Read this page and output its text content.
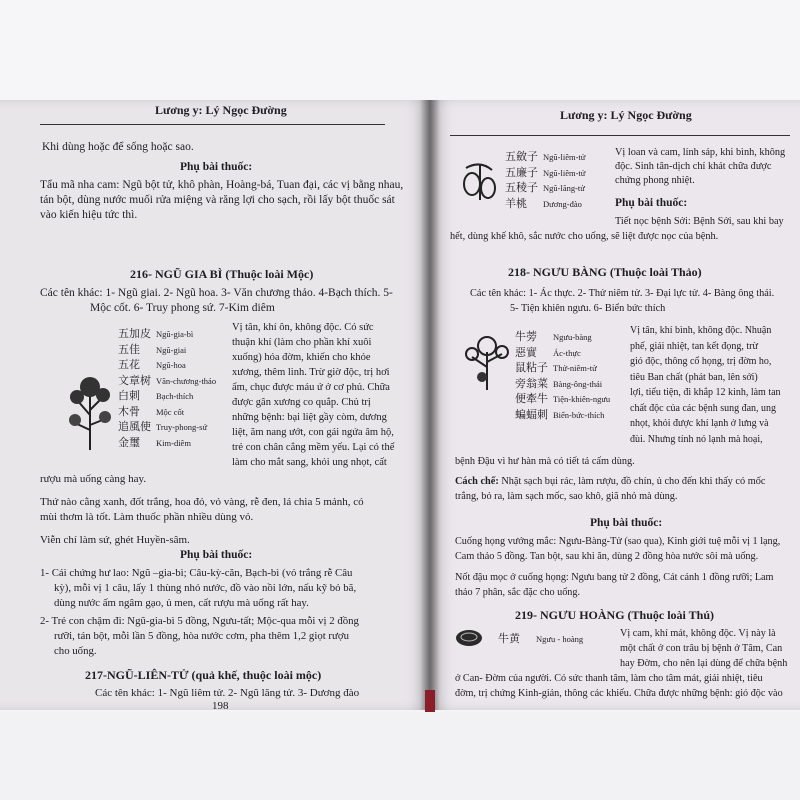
Lương y: Lý Ngọc Đường
Khi dùng hoặc để sống hoặc sao.
Phụ bài thuốc:
Tẩu mã nha cam: Ngũ bột tử, khô phàn, Hoàng-bá, Tuan đại, các vị bằng nhau,
tán bột, dùng nước muối rửa miệng và răng lợi cho sạch, rồi lấy bột thuốc sát
vào kiến hiệu tức thì.
216- NGŨ GIA BÌ (Thuộc loài Mộc)
Các tên khác: 1- Ngũ giai. 2- Ngũ hoa. 3- Văn chương thảo. 4-Bạch thích. 5-
Mộc cốt. 6- Truy phong sứ. 7-Kim diêm
五加皮 Ngũ-gia-bì
五佳 Ngũ-giai
五花 Ngũ-hoa
文章树 Văn-chương-thảo
白刺 Bạch-thích
木骨 Mộc cốt
追風使 Truy-phong-sứ
金璽 Kim-diêm
Vị tân, khí ôn, không độc. Có sức
thuận khí (làm cho phần khí xuôi
xuống) hóa đờm, khiến cho khỏe
xương, thêm linh. Trừ giờ độc, trị hơi
ẩm, chục được máu ứ ở cơ phủ. Chữa
được gân xương co quắp. Chủ trị
những bệnh: bại liệt gầy còm, dương
liệt, ăm nang ướt, con gái ngứa âm hộ,
trẻ con chân cẳng mềm yếu. Lại có thể
làm cho mắt sang, khỏi ung nhọt, cất
rượu mà uống càng hay.
Thứ nào cằng xanh, đốt trắng, hoa đỏ, vỏ vàng, rễ đen, lá chia 5 mảnh, có
mùi thơm là tốt. Làm thuốc phần nhiều dùng vỏ.
Viễn chí làm sứ, ghét Huyền-sâm.
Phụ bài thuốc:
1- Cái chứng hư lao: Ngũ –gia-bì; Câu-kỳ-căn, Bạch-bì (vỏ trắng rễ Câu
kỳ), mỗi vị 1 câu, lấy 1 thùng nhỏ nước, đồ vào nồi lớn, nấu kỹ bỏ bã,
dùng nước ấm ngâm gạo, ủ men, cất rượu mà uống rất hay.
2- Trẻ con chậm đi: Ngũ-gia-bì 5 đồng, Ngưu-tất; Mộc-qua mỗi vị 2 đồng
rưỡi, tán bột, mỗi lần 5 đồng, hòa nước cơm, pha thêm 1,2 giọt rượu
cho uống.
217-NGŨ-LIÊN-TỬ (quả khế, thuộc loài mộc)
Các tên khác: 1- Ngũ liêm tử. 2- Ngũ lăng tử. 3- Dương đào
198
Lương y: Lý Ngọc Đường
五斂子 Ngũ-liêm-tử
五廉子 Ngũ-liêm-tử
五稜子 Ngũ-lăng-tử
羊桃 Dương-đào
Vị loan và cam, lính sáp, khi bình, không
độc. Sinh tân-dịch chỉ khát chữa được
chứng phong nhiệt.
Phụ bài thuốc:
Tiết nọc bệnh Sởi: Bệnh Sởi, sau khi bay
hết, dùng khế khô, sắc nước cho uống, sẽ liệt được nọc của bệnh.
218- NGƯU BÀNG (Thuộc loài Thảo)
Các tên khác: 1- Ác thực. 2- Thử niêm tử. 3- Đại lực tử. 4- Bàng ông thái.
5- Tiện khiên ngưu. 6- Biển bức thích
牛蒡 Ngưu-bàng
惡實 Ác-thực
鼠粘子 Thử-niêm-tử
旁翁菜 Bàng-ông-thái
便牽牛 Tiện-khiên-ngưu
蝙蝠刺 Biển-bức-thích
Vị tân, khí bình, không độc. Nhuận
phế, giải nhiệt, tan kết đọng, trừ
gió độc, thông cổ họng, trị đờm ho,
tiêu Ban chất (phát ban, lên sởi)
lợi, tiểu tiện, đi khắp 12 kinh, làm tan
chất độc của các bệnh sung đan, ung
nhọt, khỏi được khí lạnh ở lưng và
đùi. Nhưng tính nó lạnh mà hoại,
bệnh Đậu vì hư hàn mà có tiết tả cấm dùng.
Cách chế: Nhặt sạch bụi rác, làm rượu, đồ chín, ủ cho đến khi thấy có mốc
trắng, bỏ ra, làm sạch mốc, sao khô, giã nhỏ mà dùng.
Phụ bài thuốc:
Cuống họng vướng mắc: Ngưu-Bàng-Tử (sao qua), Kinh giới tuệ mỗi vị 1 lạng,
Cam thảo 5 đồng. Tan bột, sau khi ăn, dùng 2 đồng hòa nước sôi mà uống.
Nốt đậu mọc ở cuống họng: Ngưu bang tử 2 đồng, Cát cánh 1 đồng rưỡi; Lam
thảo 7 phân, sắc đặc cho uống.
219- NGƯU HOÀNG (Thuộc loài Thú)
牛黄 Ngưu - hoàng	Vị cam, khí mát, không độc. Vị này là
một chất ở con trâu bị bệnh ở Tâm, Can
hay Đờm, cho nên lại dùng để chữa bệnh
ở Can- Đờm của người. Có sức thanh tâm, làm cho tâm mát, giải nhiệt, tiêu
đờm, trị chứng Kinh-giản, thông các khiếu. Chữa được những bệnh: gió độc vào
